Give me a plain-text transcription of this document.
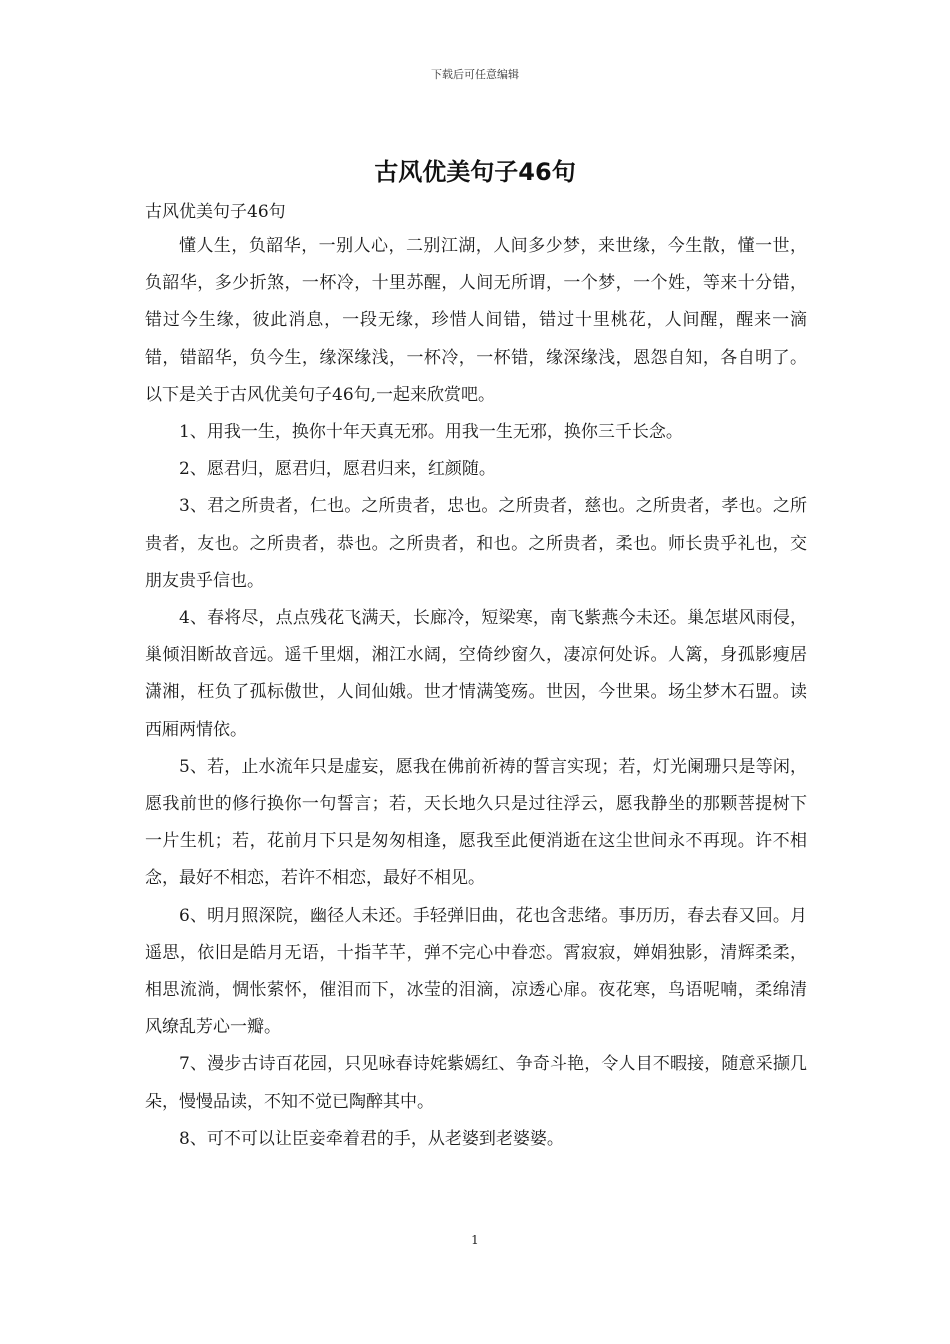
下载后可任意编辑
古风优美句子46句

古风优美句子46句

懂人生，负韶华，一别人心，二别江湖，人间多少梦，来世缘，今生散，懂一世，负韶华，多少折煞，一杯冷，十里苏醒，人间无所谓，一个梦，一个姓，等来十分错，错过今生缘，彼此消息，一段无缘，珍惜人间错，错过十里桃花，人间醒，醒来一滴错，错韶华，负今生，缘深缘浅，一杯冷，一杯错，缘深缘浅，恩怨自知，各自明了。以下是关于古风优美句子46句,一起来欣赏吧。

1、用我一生，换你十年天真无邪。用我一生无邪，换你三千长念。

2、愿君归，愿君归，愿君归来，红颜随。

3、君之所贵者，仁也。之所贵者，忠也。之所贵者，慈也。之所贵者，孝也。之所贵者，友也。之所贵者，恭也。之所贵者，和也。之所贵者，柔也。师长贵乎礼也，交朋友贵乎信也。

4、春将尽，点点残花飞满天，长廊冷，短梁寒，南飞紫燕今未还。巢怎堪风雨侵，巢倾泪断故音远。遥千里烟，湘江水阔，空倚纱窗久，凄凉何处诉。人篱，身孤影瘦居潇湘，枉负了孤标傲世，人间仙娥。世才情满笺殇。世因，今世果。场尘梦木石盟。读西厢两情依。

5、若，止水流年只是虚妄，愿我在佛前祈祷的誓言实现；若，灯光阑珊只是等闲，愿我前世的修行换你一句誓言；若，天长地久只是过往浮云，愿我静坐的那颗菩提树下一片生机；若，花前月下只是匆匆相逢，愿我至此便消逝在这尘世间永不再现。许不相念，最好不相恋，若许不相恋，最好不相见。

6、明月照深院，幽径人未还。手轻弹旧曲，花也含悲绪。事历历，春去春又回。月遥思，依旧是皓月无语，十指芊芊，弹不完心中眷恋。霄寂寂，婵娟独影，清辉柔柔，相思流淌，惆怅萦怀，催泪而下，冰莹的泪滴，凉透心扉。夜花寒，鸟语呢喃，柔绵清风缭乱芳心一瓣。

7、漫步古诗百花园，只见咏春诗姹紫嫣红、争奇斗艳，令人目不暇接，随意采撷几朵，慢慢品读，不知不觉已陶醉其中。

8、可不可以让臣妾牵着君的手，从老婆到老婆婆。

1
